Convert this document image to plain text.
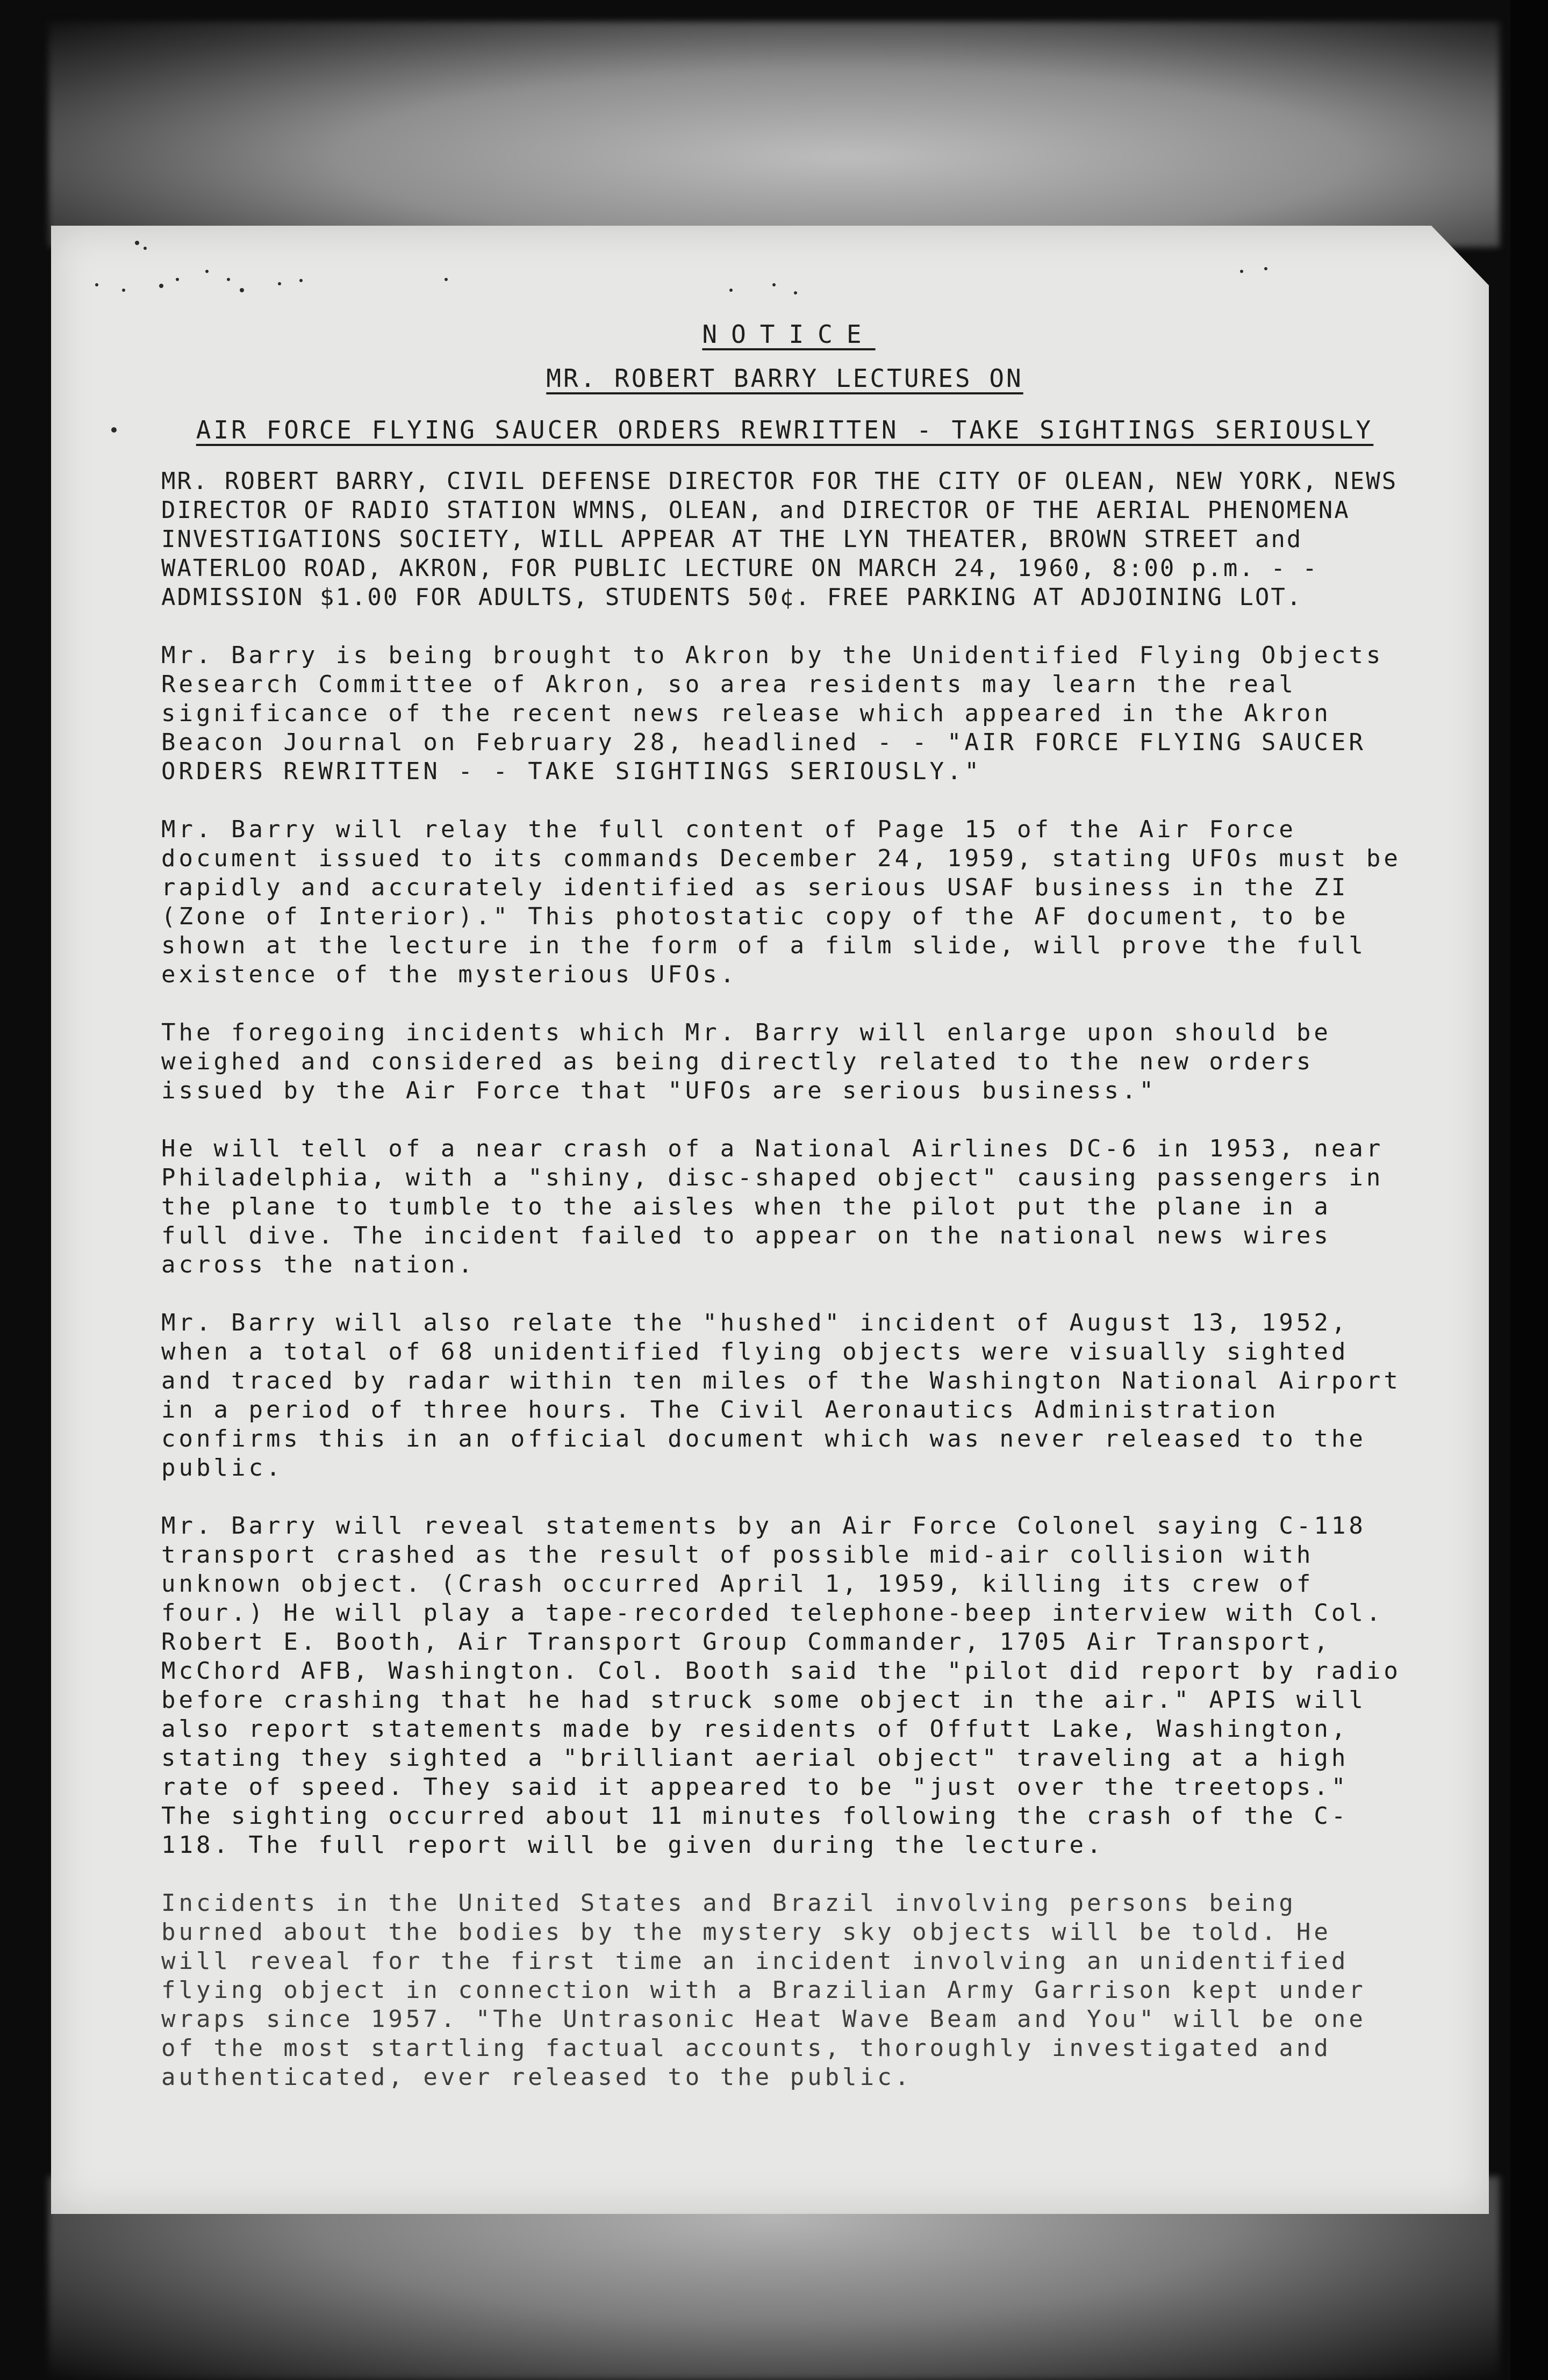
NOTICE

MR. ROBERT BARRY LECTURES ON

AIR FORCE FLYING SAUCER ORDERS REWRITTEN - TAKE SIGHTINGS SERIOUSLY

MR. ROBERT BARRY, CIVIL DEFENSE DIRECTOR FOR THE CITY OF OLEAN, NEW YORK, NEWS DIRECTOR OF RADIO STATION WMNS, OLEAN, and DIRECTOR OF THE AERIAL PHENOMENA INVESTIGATIONS SOCIETY, WILL APPEAR AT THE LYN THEATER, BROWN STREET and WATERLOO ROAD, AKRON, FOR PUBLIC LECTURE ON MARCH 24, 1960, 8:00 p.m. - - ADMISSION $1.00 FOR ADULTS, STUDENTS 50¢. FREE PARKING AT ADJOINING LOT.

Mr. Barry is being brought to Akron by the Unidentified Flying Objects Research Committee of Akron, so area residents may learn the real significance of the recent news release which appeared in the Akron Beacon Journal on February 28, headlined - - "AIR FORCE FLYING SAUCER ORDERS REWRITTEN - - TAKE SIGHTINGS SERIOUSLY."

Mr. Barry will relay the full content of Page 15 of the Air Force document issued to its commands December 24, 1959, stating UFOs must be rapidly and accurately identified as serious USAF business in the ZI (Zone of Interior)." This photostatic copy of the AF document, to be shown at the lecture in the form of a film slide, will prove the full existence of the mysterious UFOs.

The foregoing incidents which Mr. Barry will enlarge upon should be weighed and considered as being directly related to the new orders issued by the Air Force that "UFOs are serious business."

He will tell of a near crash of a National Airlines DC-6 in 1953, near Philadelphia, with a "shiny, disc-shaped object" causing passengers in the plane to tumble to the aisles when the pilot put the plane in a full dive. The incident failed to appear on the national news wires across the nation.

Mr. Barry will also relate the "hushed" incident of August 13, 1952, when a total of 68 unidentified flying objects were visually sighted and traced by radar within ten miles of the Washington National Airport in a period of three hours. The Civil Aeronautics Administration confirms this in an official document which was never released to the public.

Mr. Barry will reveal statements by an Air Force Colonel saying C-118 transport crashed as the result of possible mid-air collision with unknown object. (Crash occurred April 1, 1959, killing its crew of four.) He will play a tape-recorded telephone-beep interview with Col. Robert E. Booth, Air Transport Group Commander, 1705 Air Transport, McChord AFB, Washington. Col. Booth said the "pilot did report by radio before crashing that he had struck some object in the air." APIS will also report statements made by residents of Offutt Lake, Washington, stating they sighted a "brilliant aerial object" traveling at a high rate of speed. They said it appeared to be "just over the treetops." The sighting occurred about 11 minutes following the crash of the C-118. The full report will be given during the lecture.

Incidents in the United States and Brazil involving persons being burned about the bodies by the mystery sky objects will be told. He will reveal for the first time an incident involving an unidentified flying object in connection with a Brazilian Army Garrison kept under wraps since 1957. "The Untrasonic Heat Wave Beam and You" will be one of the most startling factual accounts, thoroughly investigated and authenticated, ever released to the public.
